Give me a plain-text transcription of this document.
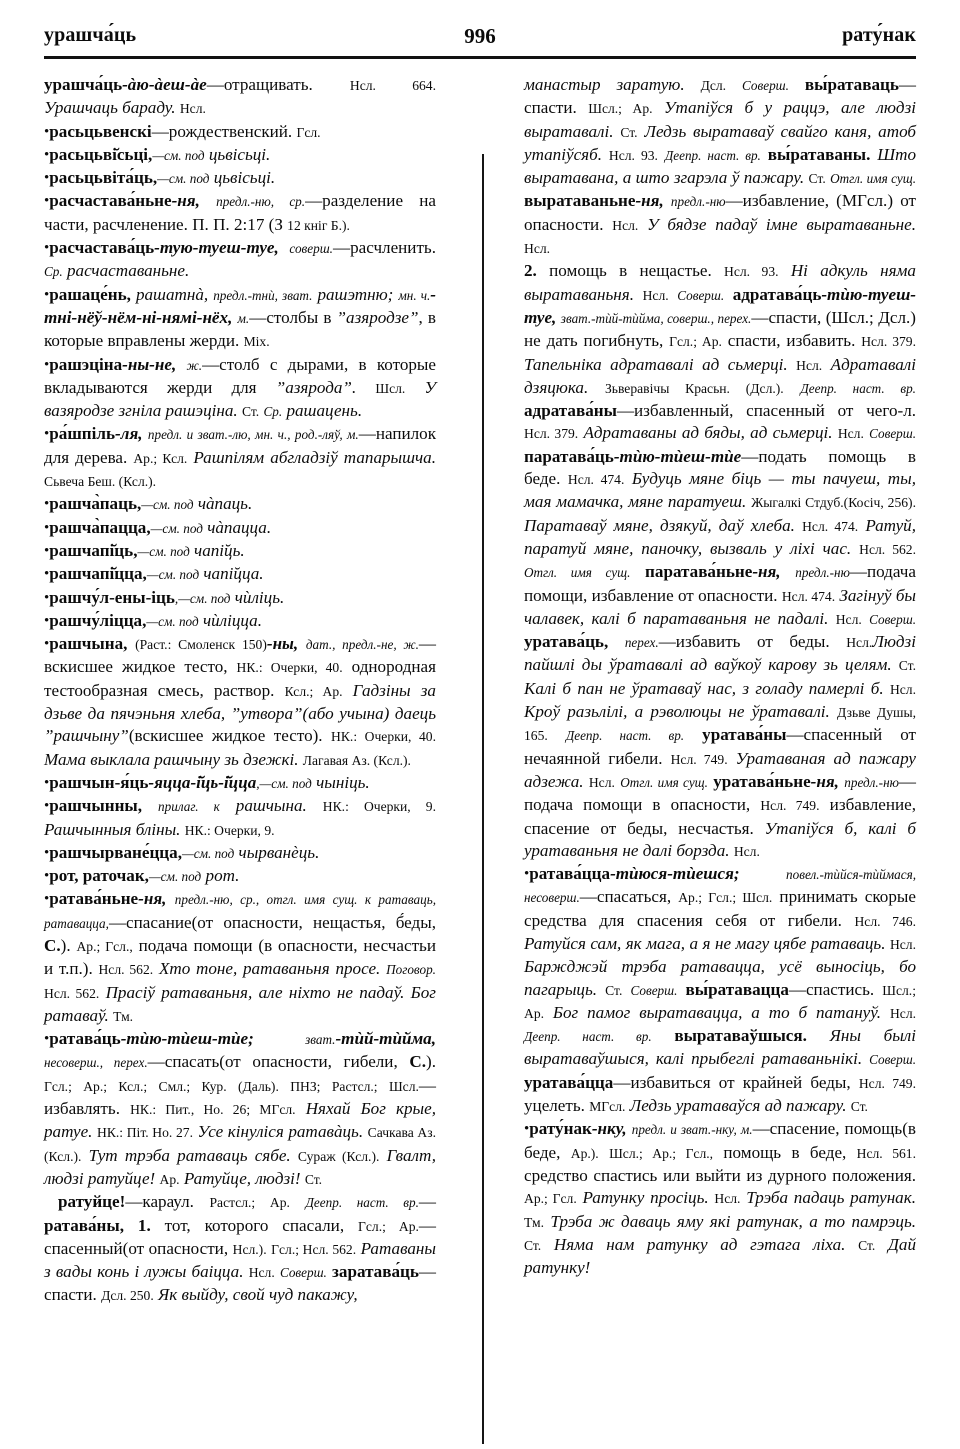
урашча́ць	996	рату́нак

урашча́ць-àю-àеш-àе—отращивать. Нсл. 664. Урашчаць бараду. Нсл.

• расьцьвенскі—рождественский. Гсл.

• расьцьві̆сьці,—см. под цьвісьці.

• расьцьвіта́ць,—см. под цьвісьці.

• расчастава́ньне-ня, предл.-ню, ср.—разделение на части, расчленение. П. П. 2:17 (З 12 кніг Б.).

• расчастава́ць-тую-туеш-туе, соверш.—расчленить. Ср. расчаставаньне.

• рашаце́нь, рашатнà, предл.-тнù, зват. рашэтню; мн. ч.-тні-нёў-нём-ні-нямі-нёх, м.—столбы в ”азяродзе”, в которые вправлены жерди. Mix.

• рашэціна-ны-не, ж.—столб с дырами, в которые вкладываются жерди для ”азярода”. Шсл. У вазяродзе згніла рашэціна. Ст. Ср. рашацень.

• ра́шпіль-ля, предл. и зват.-лю, мн. ч., род.-ляў, м.—напилок для дерева. Ар.; Ксл. Рашпілям абгладзіў тапарышча. Сьвеча Беш. (Ксл.).

• рашча̀паць,—см. под чàпаць.

• рашча̀пацца,—см. под чàпацца.

• рашчапі̆ць,—см. под чапі̆ць.

• рашчапі̆цца,—см. под чапі̆цца.

• рашчу́л-ены-іць,—см. под чùліць.

• рашчу́ліцца,—см. под чùліцца.

• рашчына, (Раст.: Смоленск 150)-ны, дат., предл.-не, ж.—вскисшее жидкое тесто, НК.: Очерки, 40. однородная тестообразная смесь, раствор. Ксл.; Ар. Гадзіны за дзьве да пячэньня хлеба, ”утвора”(або учына) даець ”рашчыну”(вскисшее жидкое тесто). НК.: Очерки, 40. Мама выклала рашчыну зь дзежкі. Лагавая Аз. (Ксл.).

• рашчын-я́ць-яцца-і̆ць-і̆цца,—см. под чыніць.

• рашчынны, прилаг. к рашчына. НК.: Очерки, 9. Рашчынныя бліны. НК.: Очерки, 9.

• рашчырване́цца,—см. под чырванѐць.

• рот, раточак,—см. под рот.

• ратава́ньне-ня, предл.-ню, ср., отгл. имя сущ. к ратаваць, ратавацца,—спасание(от опасности, нещастья, б́еды, С.). Ар.; Гсл., подача помощи (в опасности, несчастьи и т.п.). Нсл. 562. Хто тоне, ратаваньня просе. Поговор. Нсл. 562. Прасіў ратаваньня, але ніхто не падаў. Бог ратаваў. Тм.

• ратава́ць-тùю-тùеш-тùе;	зват.-тùй-тùйма, несоверш., перех.—спасать(от опасности, гибели, С.). Гсл.; Ар.; Ксл.; Смл.; Кур. (Даль). ПНЗ; Растсл.; Шсл.—избавлять. НК.: Пит., Но. 26; МГсл. Няхай Бог крые, ратуе. НК.: Піт. Но. 27. Усе кінуліся ратавàць. Сачкава Аз. (Ксл.). Тут трэба ратаваць сябе. Сураж (Ксл.). Гвалт, людзі ратуйце! Ар. Ратуйце, людзі! Ст.

ратуйце!—караул. Растсл.; Ар. Деепр. наст. вр.—ратава́ны, 1. тот, которого спасали, Гсл.; Ар.—спасенный(от опасности, Нсл.). Гсл.; Нсл. 562. Ратаваны з вады конь і лужы баіцца. Нсл. Соверш. заратава́ць—спасти. Дсл. 250. Як выйду, свой чуд пакажу,

манастыр заратую. Дсл. Соверш. вы́ратаваць—спасти. Шсл.; Ар. Утапіўся б у раццэ, але людзі выратавалі. Ст. Ледзь выратаваў свайго каня, атоб утапіўсяб. Нсл. 93. Деепр. наст. вр. вы́ратаваны. Што выратавана, а што згарэла ў пажару. Ст. Отгл. имя сущ. выратаваньне-ня, предл.-ню—избавление, (МГсл.) от опасности. Нсл. У бядзе падаў імне выратаваньне. Нсл.

2. помощь в нещастье. Нсл. 93. Ні адкуль няма выратаваньня. Нсл. Соверш. адратава́ць-тùю-туеш-туе, зват.-тùй-тùйма, соверш., перех.—спасти, (Шсл.; Дсл.) не дать погибнуть, Гсл.; Ар. спасти, избавить. Нсл. 379. Тапельніка адратавалі ад сьмерці. Нсл. Адратавалі дзяцюка. Зьверавічы Красьн. (Дсл.). Деепр. наст. вр. адратава́ны—избавленный, спасенный от чего-л. Нсл. 379. Адратаваны ад бяды, ад сьмерці. Нсл. Соверш. паратава́ць-тùю-тùеш-тùе—подать помощь в беде. Нсл. 474. Будуць мяне біць — ты пачуеш, ты, мая мамачка, мяне паратуеш. Жыгалкі Стдуб.(Косіч, 256). Паратаваў мяне, дзякуй, даў хлеба. Нсл. 474. Ратуй, паратуй мяне, паночку, вызваль у ліхі час. Нсл. 562. Отгл. имя сущ. паратава́ньне-ня, предл.-ню—подача помощи, избавление от опасности. Нсл. 474. Загінуў бы чалавек, калі б паратаваньня не падалі. Нсл. Соверш. уратава́ць, перех.—избавить от беды. Нсл.Людзі пайшлі ды ўратавалі ад ваўкоў карову зь целям. Ст. Калі б пан не ўратаваў нас, з голаду памерлі б. Нсл. Кроў разьлілі, а рэволюцы не ўратавалі. Дзьве Душы, 165. Деепр. наст. вр. уратава́ны—спасенный от нечаянной гибели. Нсл. 749. Уратаваная ад пажару адзежа. Нсл. Отгл. имя сущ. уратава́ньне-ня, предл.-ню—подача помощи в опасности, Нсл. 749. избавление, спасение от беды, несчастья. Утапіўся б, калі б уратаваньня не далі борзда. Нсл.

• ратава́цца-тùюся-тùешся;	повел.-тùйся-тùймася, несоверш.—спасаться, Ар.; Гсл.; Шсл. принимать скорые средства для спасения себя от гибели. Нсл. 746. Ратуйся сам, як мага, а я не магу цябе ратаваць. Нсл. Баржджэй трэба ратавацца, усё выносіць, бо пагарыць. Ст. Соверш. вы́ратавацца—спастись. Шсл.; Ар. Бог памог выратавацца, а то б патануў. Нсл. Деепр. наст. вр. выратаваўшыся. Яны былі выратаваўшыся, калі прыбеглі ратаваньнікі. Соверш. уратава́цца—избавиться от крайней беды, Нсл. 749. уцелеть. МГсл. Ледзь уратаваўся ад пажару. Ст.

• рату́нак-нку, предл. и зват.-нку, м.—спасение, помощь(в беде, Ар.). Шсл.; Ар.; Гсл., помощь в беде, Нсл. 561. средство спастись или выйти из дурного положения. Ар.; Гсл. Ратунку просіць. Нсл. Трэба падаць ратунак. Тм. Трэба ж даваць яму які ратунак, а то памрэць. Ст. Няма нам ратунку ад гэтага ліха. Ст. Дай ратунку!
